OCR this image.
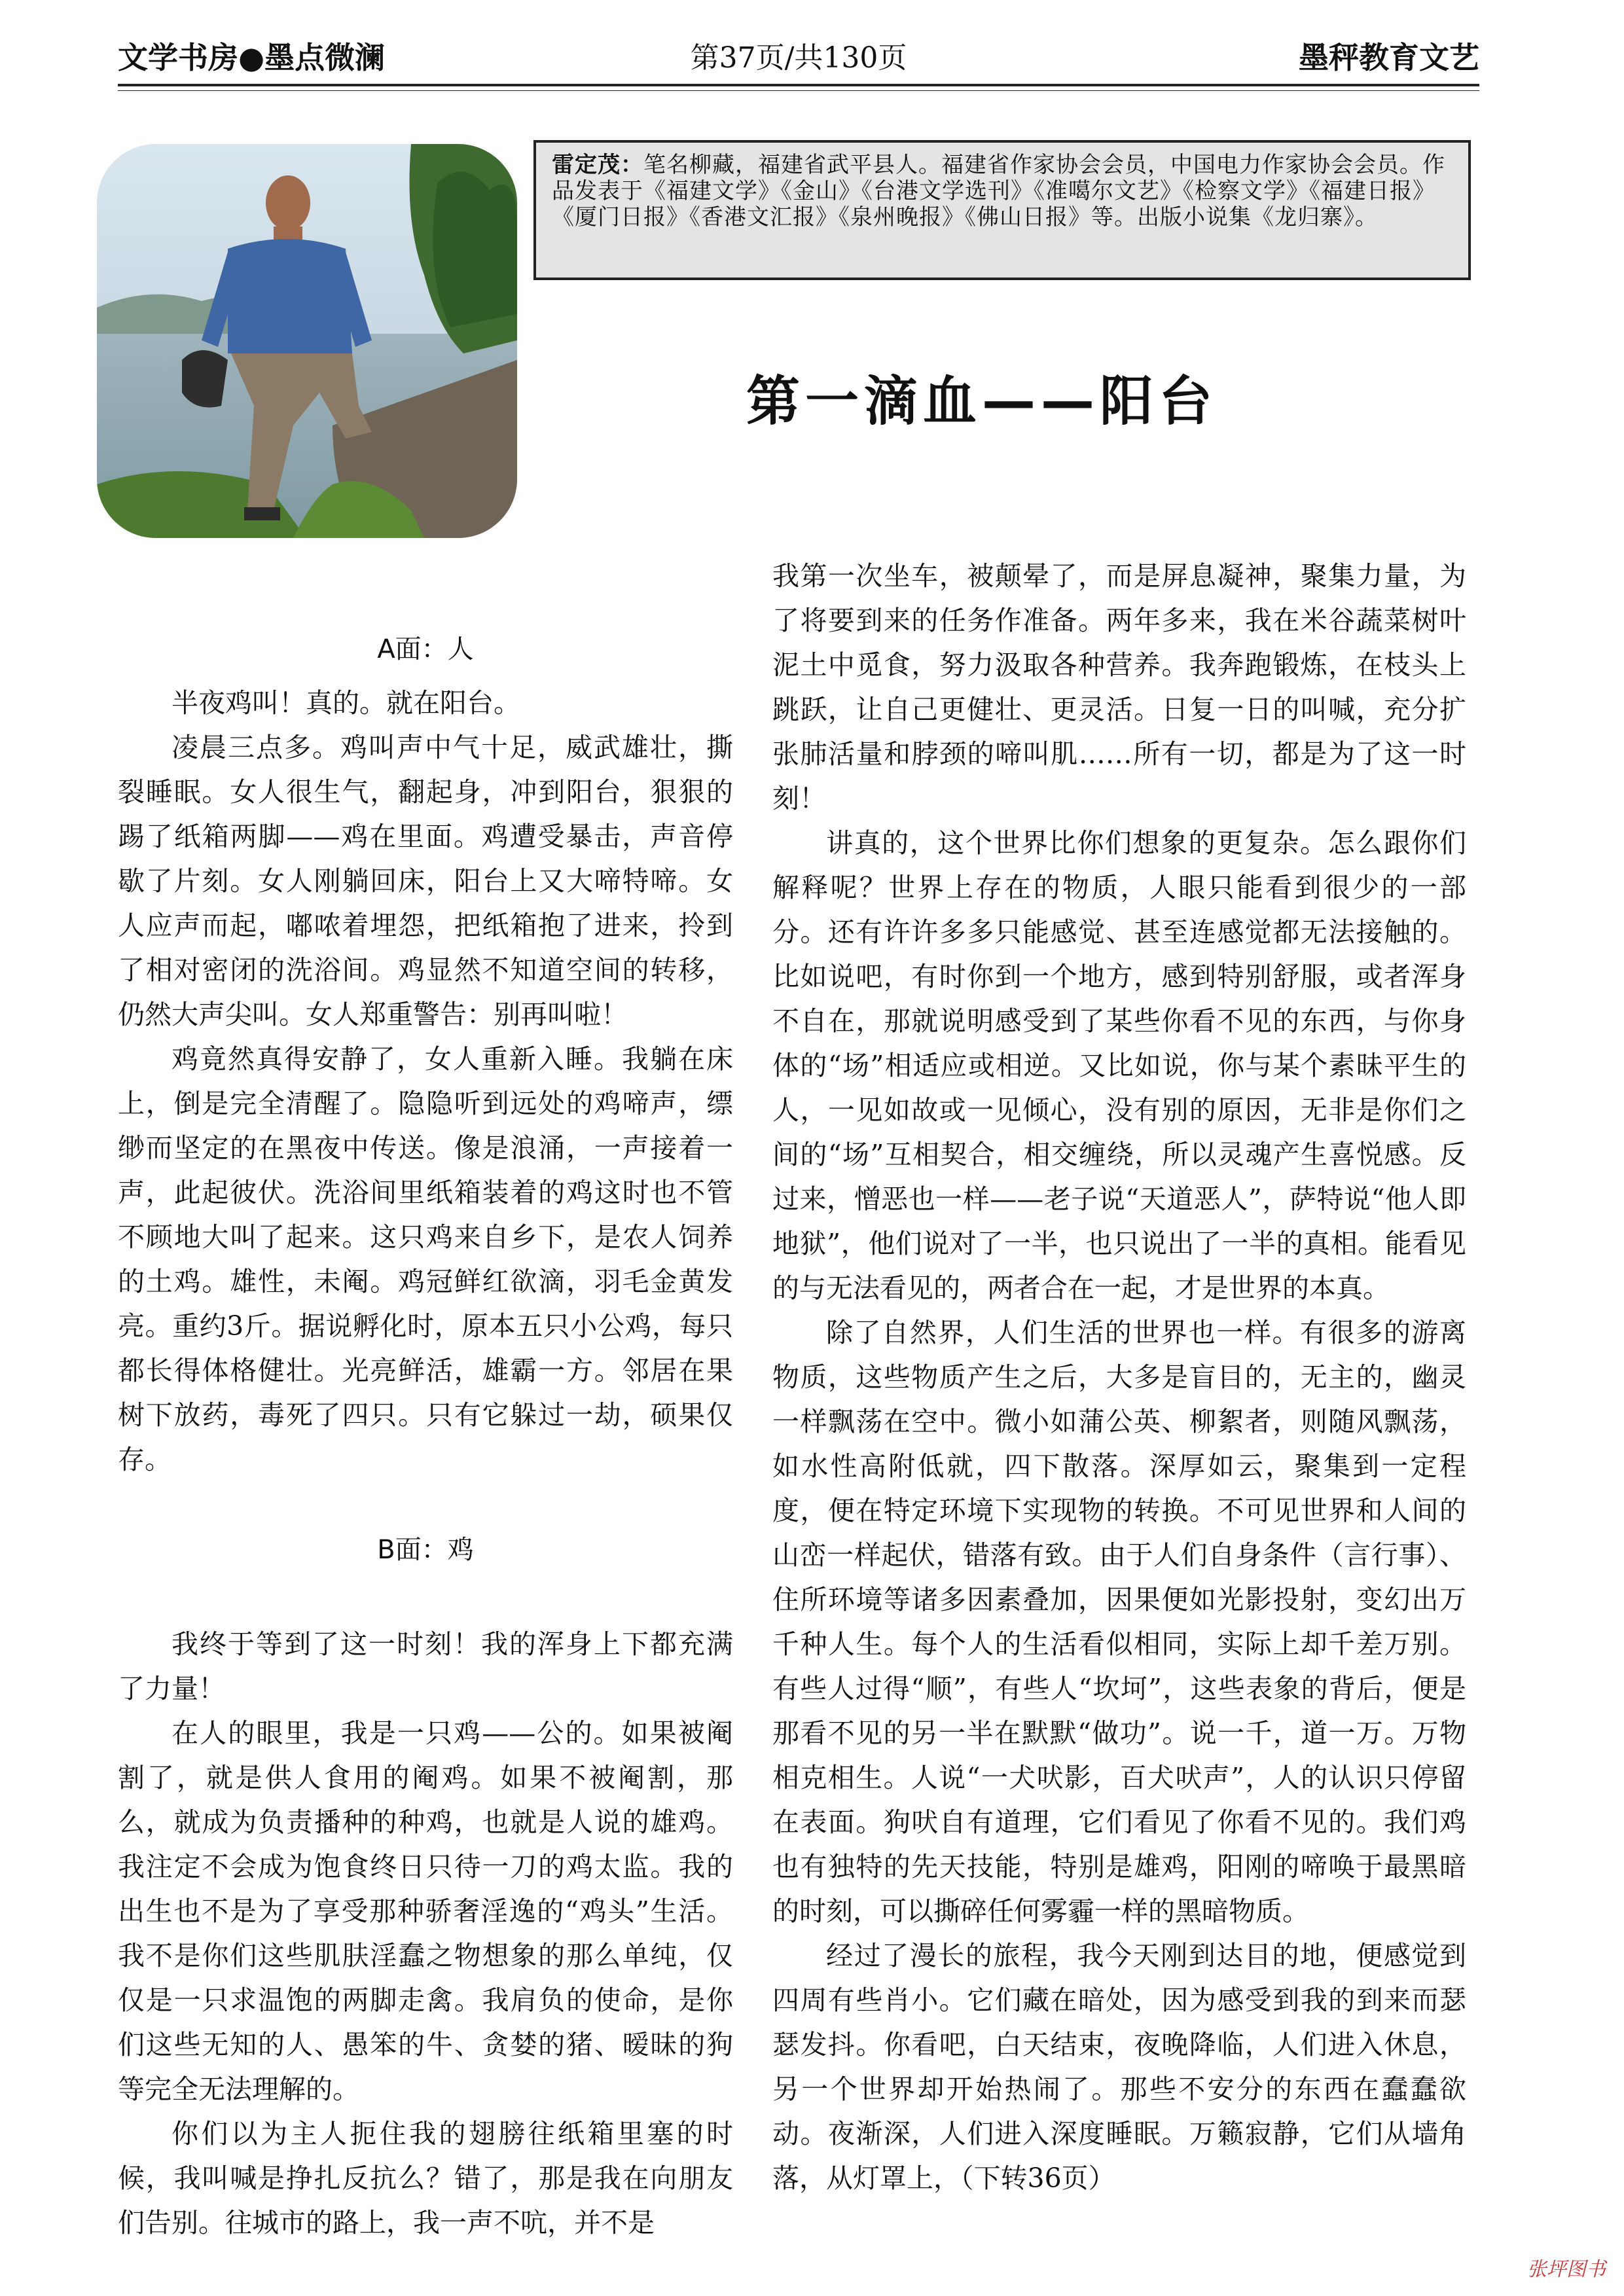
文学书房●墨点微澜	第37页/共130页	墨秤教育文艺
雷定茂：笔名柳藏，福建省武平县人。福建省作家协会会员，中国电力作家协会会员。作品发表于《福建文学》《金山》《台港文学选刊》《准噶尔文艺》《检察文学》《福建日报》《厦门日报》《香港文汇报》《泉州晚报》《佛山日报》等。出版小说集《龙归寨》。
第一滴血——阳台
A面：人

半夜鸡叫！真的。就在阳台。

凌晨三点多。鸡叫声中气十足，威武雄壮，撕裂睡眠。女人很生气，翻起身，冲到阳台，狠狠的踢了纸箱两脚——鸡在里面。鸡遭受暴击，声音停歇了片刻。女人刚躺回床，阳台上又大啼特啼。女人应声而起，嘟哝着埋怨，把纸箱抱了进来，拎到了相对密闭的洗浴间。鸡显然不知道空间的转移，仍然大声尖叫。女人郑重警告：别再叫啦！

鸡竟然真得安静了，女人重新入睡。我躺在床上，倒是完全清醒了。隐隐听到远处的鸡啼声，缥缈而坚定的在黑夜中传送。像是浪涌，一声接着一声，此起彼伏。洗浴间里纸箱装着的鸡这时也不管不顾地大叫了起来。这只鸡来自乡下，是农人饲养的土鸡。雄性，未阉。鸡冠鲜红欲滴，羽毛金黄发亮。重约3斤。据说孵化时，原本五只小公鸡，每只都长得体格健壮。光亮鲜活，雄霸一方。邻居在果树下放药，毒死了四只。只有它躲过一劫，硕果仅存。

B面：鸡

我终于等到了这一时刻！我的浑身上下都充满了力量！

在人的眼里，我是一只鸡——公的。如果被阉割了，就是供人食用的阉鸡。如果不被阉割，那么，就成为负责播种的种鸡，也就是人说的雄鸡。我注定不会成为饱食终日只待一刀的鸡太监。我的出生也不是为了享受那种骄奢淫逸的“鸡头”生活。我不是你们这些肌肤淫蠢之物想象的那么单纯，仅仅是一只求温饱的两脚走禽。我肩负的使命，是你们这些无知的人、愚笨的牛、贪婪的猪、暧昧的狗等完全无法理解的。

你们以为主人扼住我的翅膀往纸箱里塞的时候，我叫喊是挣扎反抗么？错了，那是我在向朋友们告别。往城市的路上，我一声不吭，并不是

我第一次坐车，被颠晕了，而是屏息凝神，聚集力量，为了将要到来的任务作准备。两年多来，我在米谷蔬菜树叶泥土中觅食，努力汲取各种营养。我奔跑锻炼，在枝头上跳跃，让自己更健壮、更灵活。日复一日的叫喊，充分扩张肺活量和脖颈的啼叫肌……所有一切，都是为了这一时刻！

讲真的，这个世界比你们想象的更复杂。怎么跟你们解释呢？世界上存在的物质，人眼只能看到很少的一部分。还有许许多多只能感觉、甚至连感觉都无法接触的。比如说吧，有时你到一个地方，感到特别舒服，或者浑身不自在，那就说明感受到了某些你看不见的东西，与你身体的“场”相适应或相逆。又比如说，你与某个素昧平生的人，一见如故或一见倾心，没有别的原因，无非是你们之间的“场”互相契合，相交缠绕，所以灵魂产生喜悦感。反过来，憎恶也一样——老子说“天道恶人”，萨特说“他人即地狱”，他们说对了一半，也只说出了一半的真相。能看见的与无法看见的，两者合在一起，才是世界的本真。

除了自然界，人们生活的世界也一样。有很多的游离物质，这些物质产生之后，大多是盲目的，无主的，幽灵一样飘荡在空中。微小如蒲公英、柳絮者，则随风飘荡，如水性高附低就，四下散落。深厚如云，聚集到一定程度，便在特定环境下实现物的转换。不可见世界和人间的山峦一样起伏，错落有致。由于人们自身条件（言行事）、住所环境等诸多因素叠加，因果便如光影投射，变幻出万千种人生。每个人的生活看似相同，实际上却千差万别。有些人过得“顺”，有些人“坎坷”，这些表象的背后，便是那看不见的另一半在默默“做功”。说一千，道一万。万物相克相生。人说“一犬吠影，百犬吠声”，人的认识只停留在表面。狗吠自有道理，它们看见了你看不见的。我们鸡也有独特的先天技能，特别是雄鸡，阳刚的啼唤于最黑暗的时刻，可以撕碎任何雾霾一样的黑暗物质。

经过了漫长的旅程，我今天刚到达目的地，便感觉到四周有些肖小。它们藏在暗处，因为感受到我的到来而瑟瑟发抖。你看吧，白天结束，夜晚降临，人们进入休息，另一个世界却开始热闹了。那些不安分的东西在蠢蠢欲动。夜渐深，人们进入深度睡眠。万籁寂静，它们从墙角落，从灯罩上，（下转36页）

张坪图书
